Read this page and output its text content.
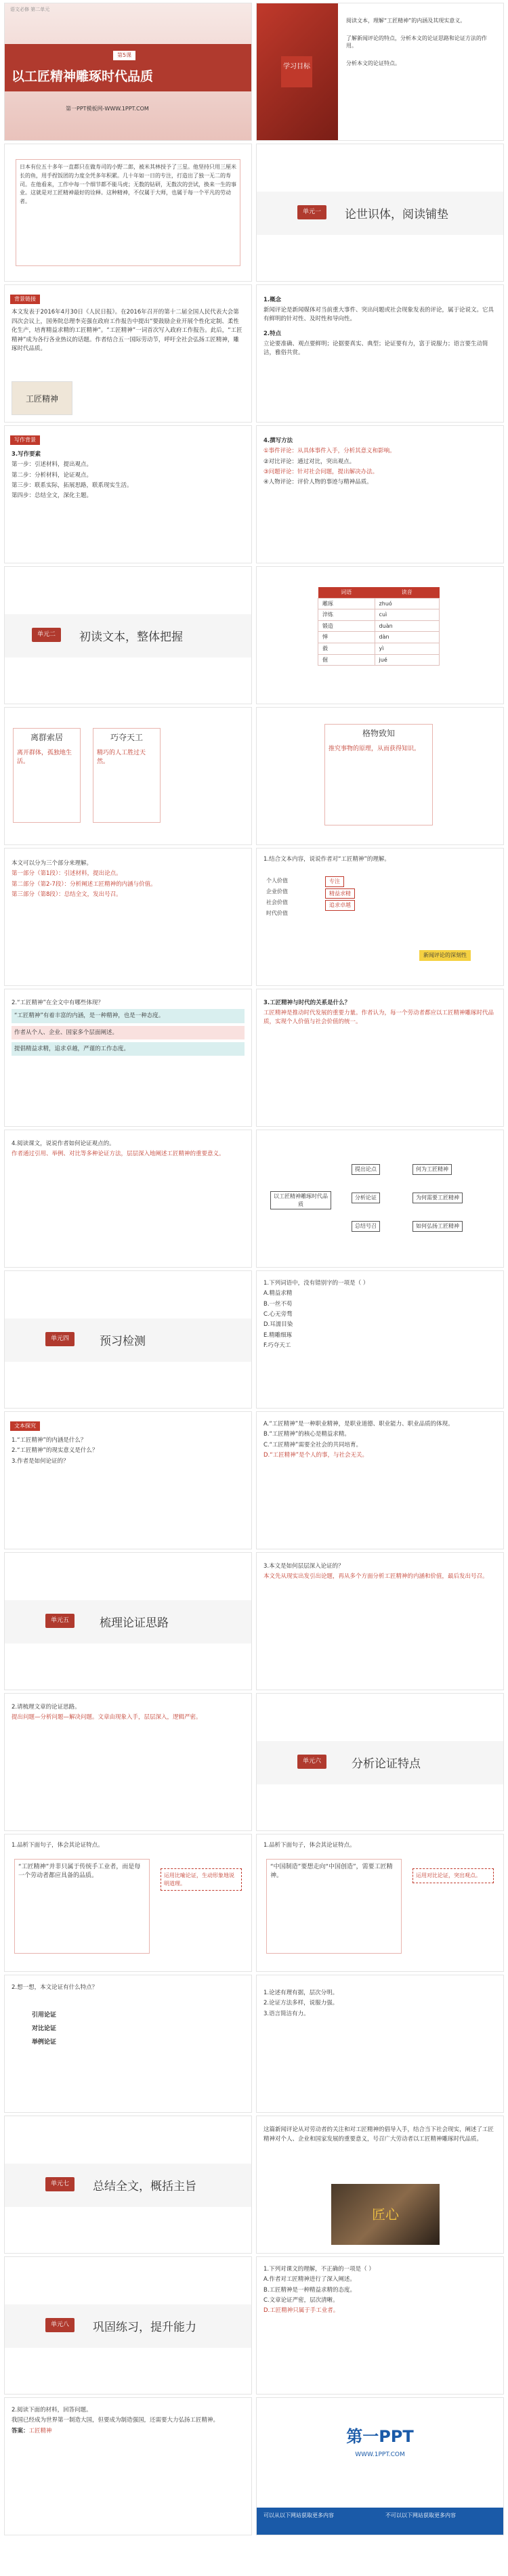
语文必修 第二单元
第5课
以工匠精神雕琢时代品质
第一PPT模板网-WWW.1PPT.COM
学习目标

阅读文本，理解“工匠精神”的内涵及其现实意义。

了解新闻评论的特点，分析本文的论证思路和论证方法的作用。

分析本文的论证特点。

日本有位五十多年一直都只在做寿司的小野二郎，被米其林授予了三星。他坚持只用三厘米长的鱼，用手捏饭团的力度全凭多年积累。几十年如一日的专注，打造出了独一无二的寿司。在他看来，工作中每一个细节都不能马虎；无数的钻研，无数次的尝试，换来一生的事业。这就是对工匠精神最好的诠释。这种精神，不仅属于大师，也属于每一个平凡的劳动者。
单元一	论世识体，阅读铺垫
背景链接
本文发表于2016年4月30日《人民日报》。在2016年召开的第十二届全国人民代表大会第四次会议上，国务院总理李克强在政府工作报告中提出“要鼓励企业开展个性化定制、柔性化生产，培育精益求精的工匠精神”。“工匠精神”一词首次写入政府工作报告。此后，“工匠精神”成为各行各业热议的话题。作者结合五一国际劳动节，呼吁全社会弘扬工匠精神，雕琢时代品质。
工匠精神

1.概念

新闻评论是新闻媒体对当前重大事件、突出问题或社会现象发表的评论，属于论说文。它具有鲜明的针对性、及时性和导向性。

2.特点

立论要准确、观点要鲜明；论据要真实、典型；论证要有力，富于说服力；语言要生动简洁，雅俗共赏。

写作背景

3.写作要素

第一步：引述材料，提出观点。

第二步：分析材料，论证观点。

第三步：联系实际，拓展思路，联系现实生活。

第四步：总结全文，深化主题。

4.撰写方法

①事件评论：从具体事件入手，分析其意义和影响。

②对比评论：通过对比，突出观点。

③问题评论：针对社会问题，提出解决办法。

④人物评论：评价人物的事迹与精神品质。

单元二	初读文本，整体把握
词语	读音
雕琢	zhuó
淬炼	cuì
锻造	duàn
惮	dàn
毅	yì
倔	jué

离群索居

离开群体，孤独地生活。

巧夺天工

精巧的人工胜过天然。

格物致知

推究事物的原理，从而获得知识。

本文可以分为三个部分来理解。

第一部分（第1段）：引述材料，提出论点。

第二部分（第2-7段）：分析阐述工匠精神的内涵与价值。

第三部分（第8段）：总结全文，发出号召。

1.结合文本内容，说说作者对“工匠精神”的理解。

个人价值

企业价值

社会价值

时代价值

专注
精益求精
追求卓越
新闻评论的深刻性

2.“工匠精神”在全文中有哪些体现？

“工匠精神”有着丰富的内涵，是一种精神，也是一种态度。
作者从个人、企业、国家多个层面阐述。
提倡精益求精，追求卓越，严谨的工作态度。

3.工匠精神与时代的关系是什么？

工匠精神是推动时代发展的重要力量。作者认为，每一个劳动者都应以工匠精神雕琢时代品质，实现个人价值与社会价值的统一。

4.阅读课文，说说作者如何论证观点的。

作者通过引用、举例、对比等多种论证方法，层层深入地阐述工匠精神的重要意义。

以工匠精神雕琢时代品质
提出论点
分析论证
总结号召
何为工匠精神
为何需要工匠精神
如何弘扬工匠精神
单元四	预习检测

1.下列词语中，没有错别字的一项是（ ）

A.精益求精

B.一丝不苟

C.心无旁骛

D.耳濡目染

E.精雕细琢

F.巧夺天工

文本探究

1.“工匠精神”的内涵是什么？

2.“工匠精神”的现实意义是什么？

3.作者是如何论证的？

A.“工匠精神”是一种职业精神，是职业道德、职业能力、职业品质的体现。

B.“工匠精神”的核心是精益求精。

C.“工匠精神”需要全社会的共同培育。

D.“工匠精神”是个人的事，与社会无关。

单元五	梳理论证思路

3.本文是如何层层深入论证的？

本文先从现实出发引出论题，再从多个方面分析工匠精神的内涵和价值，最后发出号召。

2.请梳理文章的论证思路。

提出问题—分析问题—解决问题。文章由现象入手，层层深入，逻辑严密。

单元六	分析论证特点

1.品析下面句子，体会其论证特点。

“工匠精神”并非只属于传统手工业者，而是每一个劳动者都应具备的品质。	运用比喻论证，生动形象地说明道理。

1.品析下面句子，体会其论证特点。

“中国制造”要想走向“中国创造”，需要工匠精神。	运用对比论证，突出观点。

2.想一想，本文论证有什么特点？

引用论证

对比论证

举例论证

1.论述有理有据，层次分明。

2.论证方法多样，说服力强。

3.语言简洁有力。

单元七	总结全文，概括主旨
这篇新闻评论从对劳动者的关注和对工匠精神的倡导入手，结合当下社会现实，阐述了工匠精神对个人、企业和国家发展的重要意义，号召广大劳动者以工匠精神雕琢时代品质。
匠心
单元八	巩固练习，提升能力

1.下列对课文的理解，不正确的一项是（ ）

A.作者对工匠精神进行了深入阐述。

B.工匠精神是一种精益求精的态度。

C.文章论证严密，层次清晰。

D.工匠精神只属于手工业者。

2.阅读下面的材料，回答问题。

我国已经成为世界第一制造大国，但要成为制造强国，还需要大力弘扬工匠精神。

答案：工匠精神	第一PPT
WWW.1PPT.COM
可以从以下网站获取更多内容	不可以以下网站获取更多内容
